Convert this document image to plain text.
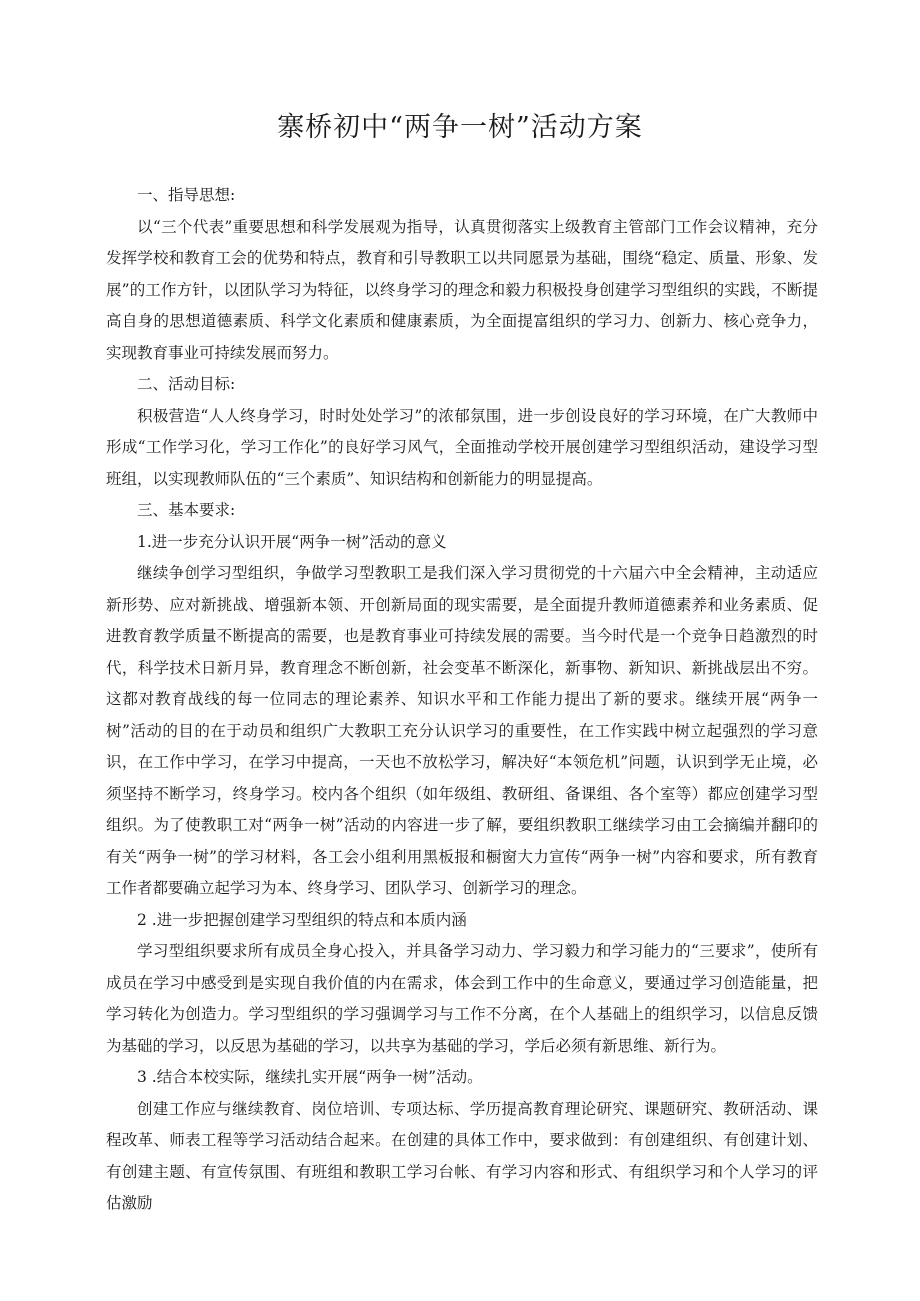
寨桥初中“两争一树”活动方案

一、指导思想:

以“三个代表”重要思想和科学发展观为指导，认真贯彻落实上级教育主管部门工作会议精神，充分发挥学校和教育工会的优势和特点，教育和引导教职工以共同愿景为基础，围绕“稳定、质量、形象、发展”的工作方针，以团队学习为特征，以终身学习的理念和毅力积极投身创建学习型组织的实践，不断提高自身的思想道德素质、科学文化素质和健康素质，为全面提富组织的学习力、创新力、核心竞争力，实现教育事业可持续发展而努力。

二、活动目标:

积极营造“人人终身学习，时时处处学习”的浓郁氛围，进一步创设良好的学习环境，在广大教师中形成“工作学习化，学习工作化”的良好学习风气，全面推动学校开展创建学习型组织活动，建设学习型班组，以实现教师队伍的“三个素质”、知识结构和创新能力的明显提高。

三、基本要求:

1.进一步充分认识开展“两争一树”活动的意义

继续争创学习型组织，争做学习型教职工是我们深入学习贯彻党的十六届六中全会精神，主动适应新形势、应对新挑战、增强新本领、开创新局面的现实需要，是全面提升教师道德素养和业务素质、促进教育教学质量不断提高的需要，也是教育事业可持续发展的需要。当今时代是一个竞争日趋激烈的时代，科学技术日新月异，教育理念不断创新，社会变革不断深化，新事物、新知识、新挑战层出不穷。这都对教育战线的每一位同志的理论素养、知识水平和工作能力提出了新的要求。继续开展“两争一树”活动的目的在于动员和组织广大教职工充分认识学习的重要性，在工作实践中树立起强烈的学习意识，在工作中学习，在学习中提高，一天也不放松学习，解决好“本领危机”问题，认识到学无止境，必须坚持不断学习，终身学习。校内各个组织（如年级组、教研组、备课组、各个室等）都应创建学习型组织。为了使教职工对“两争一树”活动的内容进一步了解，要组织教职工继续学习由工会摘编并翻印的有关“两争一树”的学习材料，各工会小组利用黑板报和橱窗大力宣传“两争一树”内容和要求，所有教育工作者都要确立起学习为本、终身学习、团队学习、创新学习的理念。

2 .进一步把握创建学习型组织的特点和本质内涵

学习型组织要求所有成员全身心投入，并具备学习动力、学习毅力和学习能力的“三要求”，使所有成员在学习中感受到是实现自我价值的内在需求，体会到工作中的生命意义，要通过学习创造能量，把学习转化为创造力。学习型组织的学习强调学习与工作不分离，在个人基础上的组织学习，以信息反馈为基础的学习，以反思为基础的学习，以共享为基础的学习，学后必须有新思维、新行为。

3 .结合本校实际，继续扎实开展“两争一树”活动。

创建工作应与继续教育、岗位培训、专项达标、学历提高教育理论研究、课题研究、教研活动、课程改革、师表工程等学习活动结合起来。在创建的具体工作中，要求做到：有创建组织、有创建计划、有创建主题、有宣传氛围、有班组和教职工学习台帐、有学习内容和形式、有组织学习和个人学习的评估激励
